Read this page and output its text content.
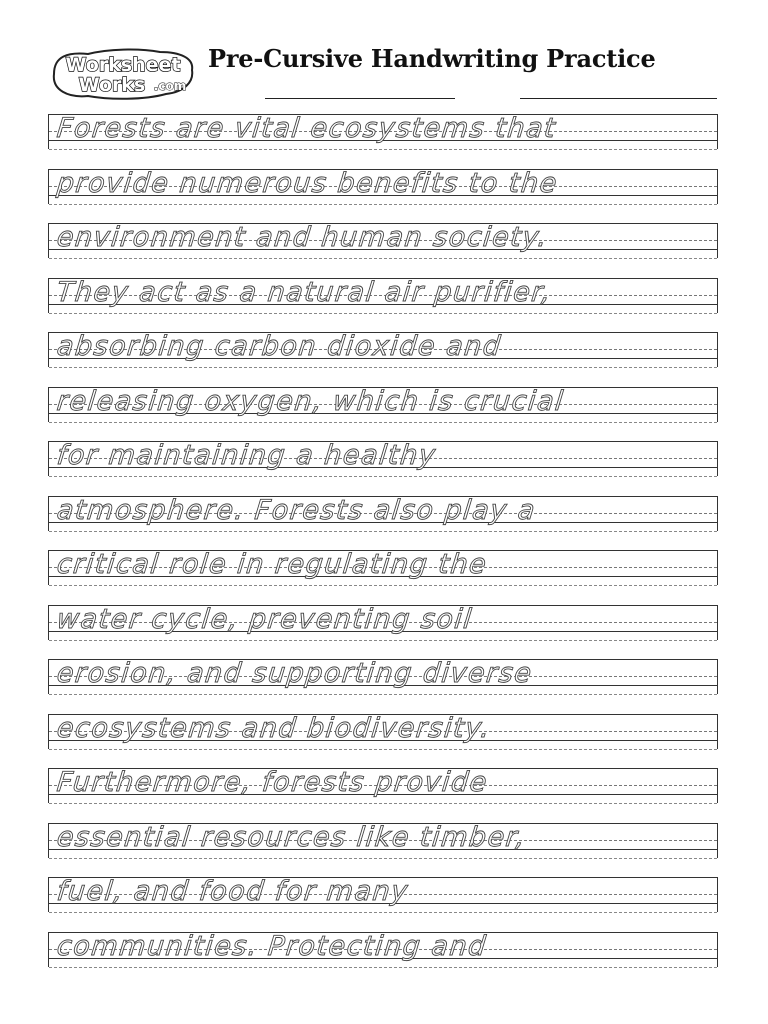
Worksheet
Works .com
Pre-Cursive Handwriting Practice
Forests are vital ecosystems that
provide numerous benefits to the
environment and human society.
They act as a natural air purifier,
absorbing carbon dioxide and
releasing oxygen, which is crucial
for maintaining a healthy
atmosphere. Forests also play a
critical role in regulating the
water cycle, preventing soil
erosion, and supporting diverse
ecosystems and biodiversity.
Furthermore, forests provide
essential resources like timber,
fuel, and food for many
communities. Protecting and
